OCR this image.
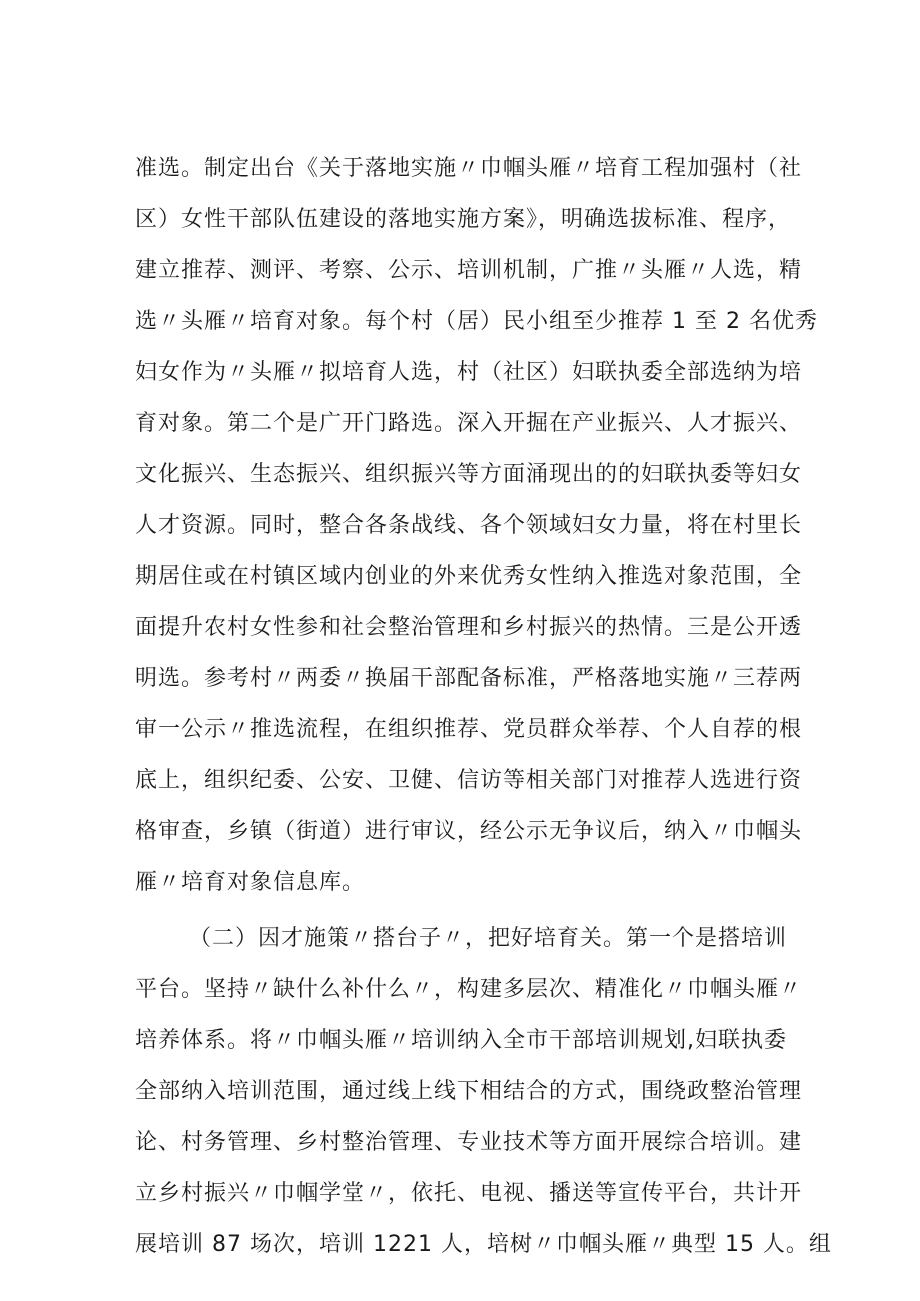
准选。制定出台《关于落地实施〃巾帼头雁〃培育工程加强村（社
区）女性干部队伍建设的落地实施方案》，明确选拔标准、程序，
建立推荐、测评、考察、公示、培训机制，广推〃头雁〃人选，精
选〃头雁〃培育对象。每个村（居）民小组至少推荐 1 至 2 名优秀
妇女作为〃头雁〃拟培育人选，村（社区）妇联执委全部选纳为培
育对象。第二个是广开门路选。深入开掘在产业振兴、人才振兴、
文化振兴、生态振兴、组织振兴等方面涌现出的的妇联执委等妇女
人才资源。同时，整合各条战线、各个领域妇女力量，将在村里长
期居住或在村镇区域内创业的外来优秀女性纳入推选对象范围，全
面提升农村女性参和社会整治管理和乡村振兴的热情。三是公开透
明选。参考村〃两委〃换届干部配备标准，严格落地实施〃三荐两
审一公示〃推选流程，在组织推荐、党员群众举荐、个人自荐的根
底上，组织纪委、公安、卫健、信访等相关部门对推荐人选进行资
格审查，乡镇（街道）进行审议，经公示无争议后，纳入〃巾帼头
雁〃培育对象信息库。
（二）因才施策〃搭台子〃，把好培育关。第一个是搭培训
平台。坚持〃缺什么补什么〃，构建多层次、精准化〃巾帼头雁〃
培养体系。将〃巾帼头雁〃培训纳入全市干部培训规划,妇联执委
全部纳入培训范围，通过线上线下相结合的方式，围绕政整治管理
论、村务管理、乡村整治管理、专业技术等方面开展综合培训。建
立乡村振兴〃巾帼学堂〃，依托、电视、播送等宣传平台，共计开
展培训 87 场次，培训 1221 人，培树〃巾帼头雁〃典型 15 人。组
